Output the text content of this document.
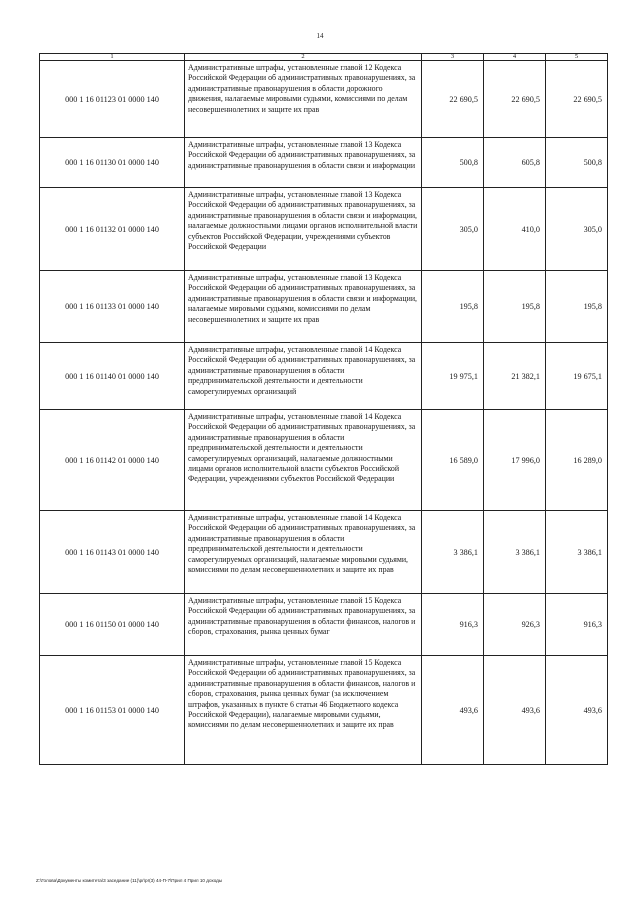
14
1	2	3	4	5
000 1 16 01123 01 0000 140	Административные штрафы, установленные главой 12 Кодекса Российской Федерации об административных правонарушениях, за административные правонарушения в области дорожного движения, налагаемые мировыми судьями, комиссиями по делам несовершеннолетних и защите их прав	22 690,5	22 690,5	22 690,5
000 1 16 01130 01 0000 140	Административные штрафы, установленные главой 13 Кодекса Российской Федерации об административных правонарушениях, за административные правонарушения в области связи и информации	500,8	605,8	500,8
000 1 16 01132 01 0000 140	Административные штрафы, установленные главой 13 Кодекса Российской Федерации об административных правонарушениях, за административные правонарушения в области связи и информации, налагаемые должностными лицами органов исполнительной власти субъектов Российской Федерации, учреждениями субъектов Российской Федерации	305,0	410,0	305,0
000 1 16 01133 01 0000 140	Административные штрафы, установленные главой 13 Кодекса Российской Федерации об административных правонарушениях, за административные правонарушения в области связи и информации, налагаемые мировыми судьями, комиссиями по делам несовершеннолетних и защите их прав	195,8	195,8	195,8
000 1 16 01140 01 0000 140	Административные штрафы, установленные главой 14 Кодекса Российской Федерации об административных правонарушениях, за административные правонарушения в области предпринимательской деятельности и деятельности саморегулируемых организаций	19 975,1	21 382,1	19 675,1
000 1 16 01142 01 0000 140	Административные штрафы, установленные главой 14 Кодекса Российской Федерации об административных правонарушениях, за административные правонарушения в области предпринимательской деятельности и деятельности саморегулируемых организаций, налагаемые должностными лицами органов исполнительной власти субъектов Российской Федерации, учреждениями субъектов Российской Федерации	16 589,0	17 996,0	16 289,0
000 1 16 01143 01 0000 140	Административные штрафы, установленные главой 14 Кодекса Российской Федерации об административных правонарушениях, за административные правонарушения в области предпринимательской деятельности и деятельности саморегулируемых организаций, налагаемые мировыми судьями, комиссиями по делам несовершеннолетних и защите их прав	3 386,1	3 386,1	3 386,1
000 1 16 01150 01 0000 140	Административные штрафы, установленные главой 15 Кодекса Российской Федерации об административных правонарушениях, за административные правонарушения в области финансов, налогов и сборов, страхования, рынка ценных бумаг	916,3	926,3	916,3
000 1 16 01153 01 0000 140	Административные штрафы, установленные главой 15 Кодекса Российской Федерации об административных правонарушениях, за административные правонарушения в области финансов, налогов и сборов, страхования, рынка ценных бумаг (за исключением штрафов, указанных в пункте 6 статьи 46 Бюджетного кодекса Российской Федерации), налагаемые мировыми судьями, комиссиями по делам несовершеннолетних и защите их прав	493,6	493,6	493,6
Z:\Голова\Документы комитета\3 заседание (11)\pr\pr(3) 44-П-7\Прил 4 Прил 10 доходы
